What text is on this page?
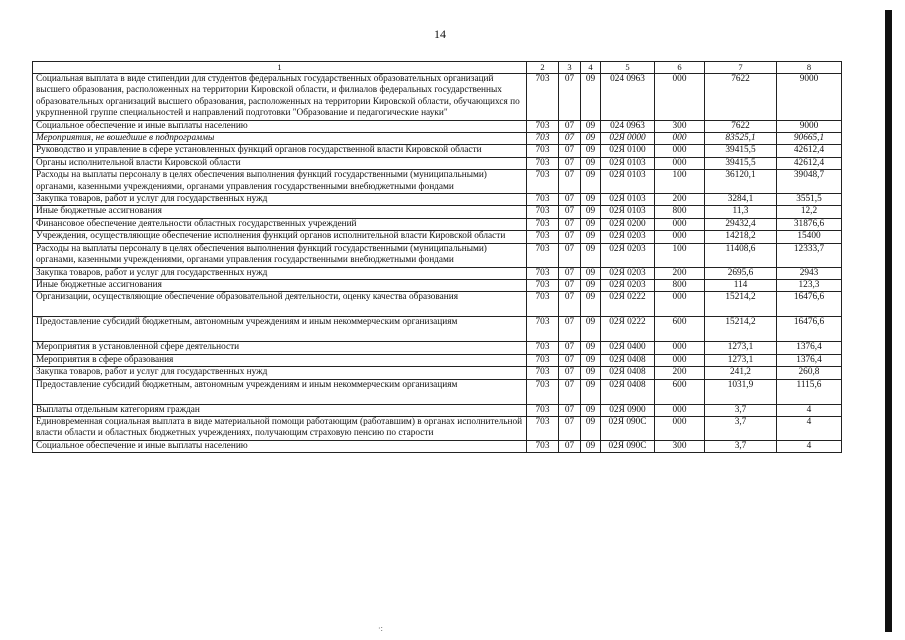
14
·:
1	2	3	4	5	6	7	8
Социальная выплата в виде стипендии для студентов федеральных государственных образовательных организаций высшего образования, расположенных на территории Кировской области, и филиалов федеральных государственных образовательных организаций высшего образования, расположенных на территории Кировской области, обучающихся по укрупненной группе специальностей и направлений подготовки "Образование и педагогические науки"	703	07	09	024 0963	000	7622	9000
Социальное обеспечение и иные выплаты населению	703	07	09	024 0963	300	7622	9000
Мероприятия, не вошедшие в подпрограммы	703	07	09	02Я 0000	000	83525,1	90665,1
Руководство и управление в сфере установленных функций органов государственной власти Кировской области	703	07	09	02Я 0100	000	39415,5	42612,4
Органы исполнительной власти Кировской области	703	07	09	02Я 0103	000	39415,5	42612,4
Расходы на выплаты персоналу в целях обеспечения выполнения функций государственными (муниципальными) органами, казенными учреждениями, органами управления государственными внебюджетными фондами	703	07	09	02Я 0103	100	36120,1	39048,7
Закупка товаров, работ и услуг для государственных нужд	703	07	09	02Я 0103	200	3284,1	3551,5
Иные бюджетные ассигнования	703	07	09	02Я 0103	800	11,3	12,2
Финансовое обеспечение деятельности областных государственных учреждений	703	07	09	02Я 0200	000	29432,4	31876,6
Учреждения, осуществляющие обеспечение исполнения функций органов исполнительной власти Кировской области	703	07	09	02Я 0203	000	14218,2	15400
Расходы на выплаты персоналу в целях обеспечения выполнения функций государственными (муниципальными) органами, казенными учреждениями, органами управления государственными внебюджетными фондами	703	07	09	02Я 0203	100	11408,6	12333,7
Закупка товаров, работ и услуг для государственных нужд	703	07	09	02Я 0203	200	2695,6	2943
Иные бюджетные ассигнования	703	07	09	02Я 0203	800	114	123,3
Организации, осуществляющие обеспечение образовательной деятельности, оценку качества образования	703	07	09	02Я 0222	000	15214,2	16476,6
Предоставление субсидий бюджетным, автономным учреждениям и иным некоммерческим организациям	703	07	09	02Я 0222	600	15214,2	16476,6
Мероприятия в установленной сфере деятельности	703	07	09	02Я 0400	000	1273,1	1376,4
Мероприятия в сфере образования	703	07	09	02Я 0408	000	1273,1	1376,4
Закупка товаров, работ и услуг для государственных нужд	703	07	09	02Я 0408	200	241,2	260,8
Предоставление субсидий бюджетным, автономным учреждениям и иным некоммерческим организациям	703	07	09	02Я 0408	600	1031,9	1115,6
Выплаты отдельным категориям граждан	703	07	09	02Я 0900	000	3,7	4
Единовременная социальная выплата в виде материальной помощи работающим (работавшим) в органах исполнительной власти области и областных бюджетных учреждениях, получающим страховую пенсию по старости	703	07	09	02Я 090С	000	3,7	4
Социальное обеспечение и иные выплаты населению	703	07	09	02Я 090С	300	3,7	4
